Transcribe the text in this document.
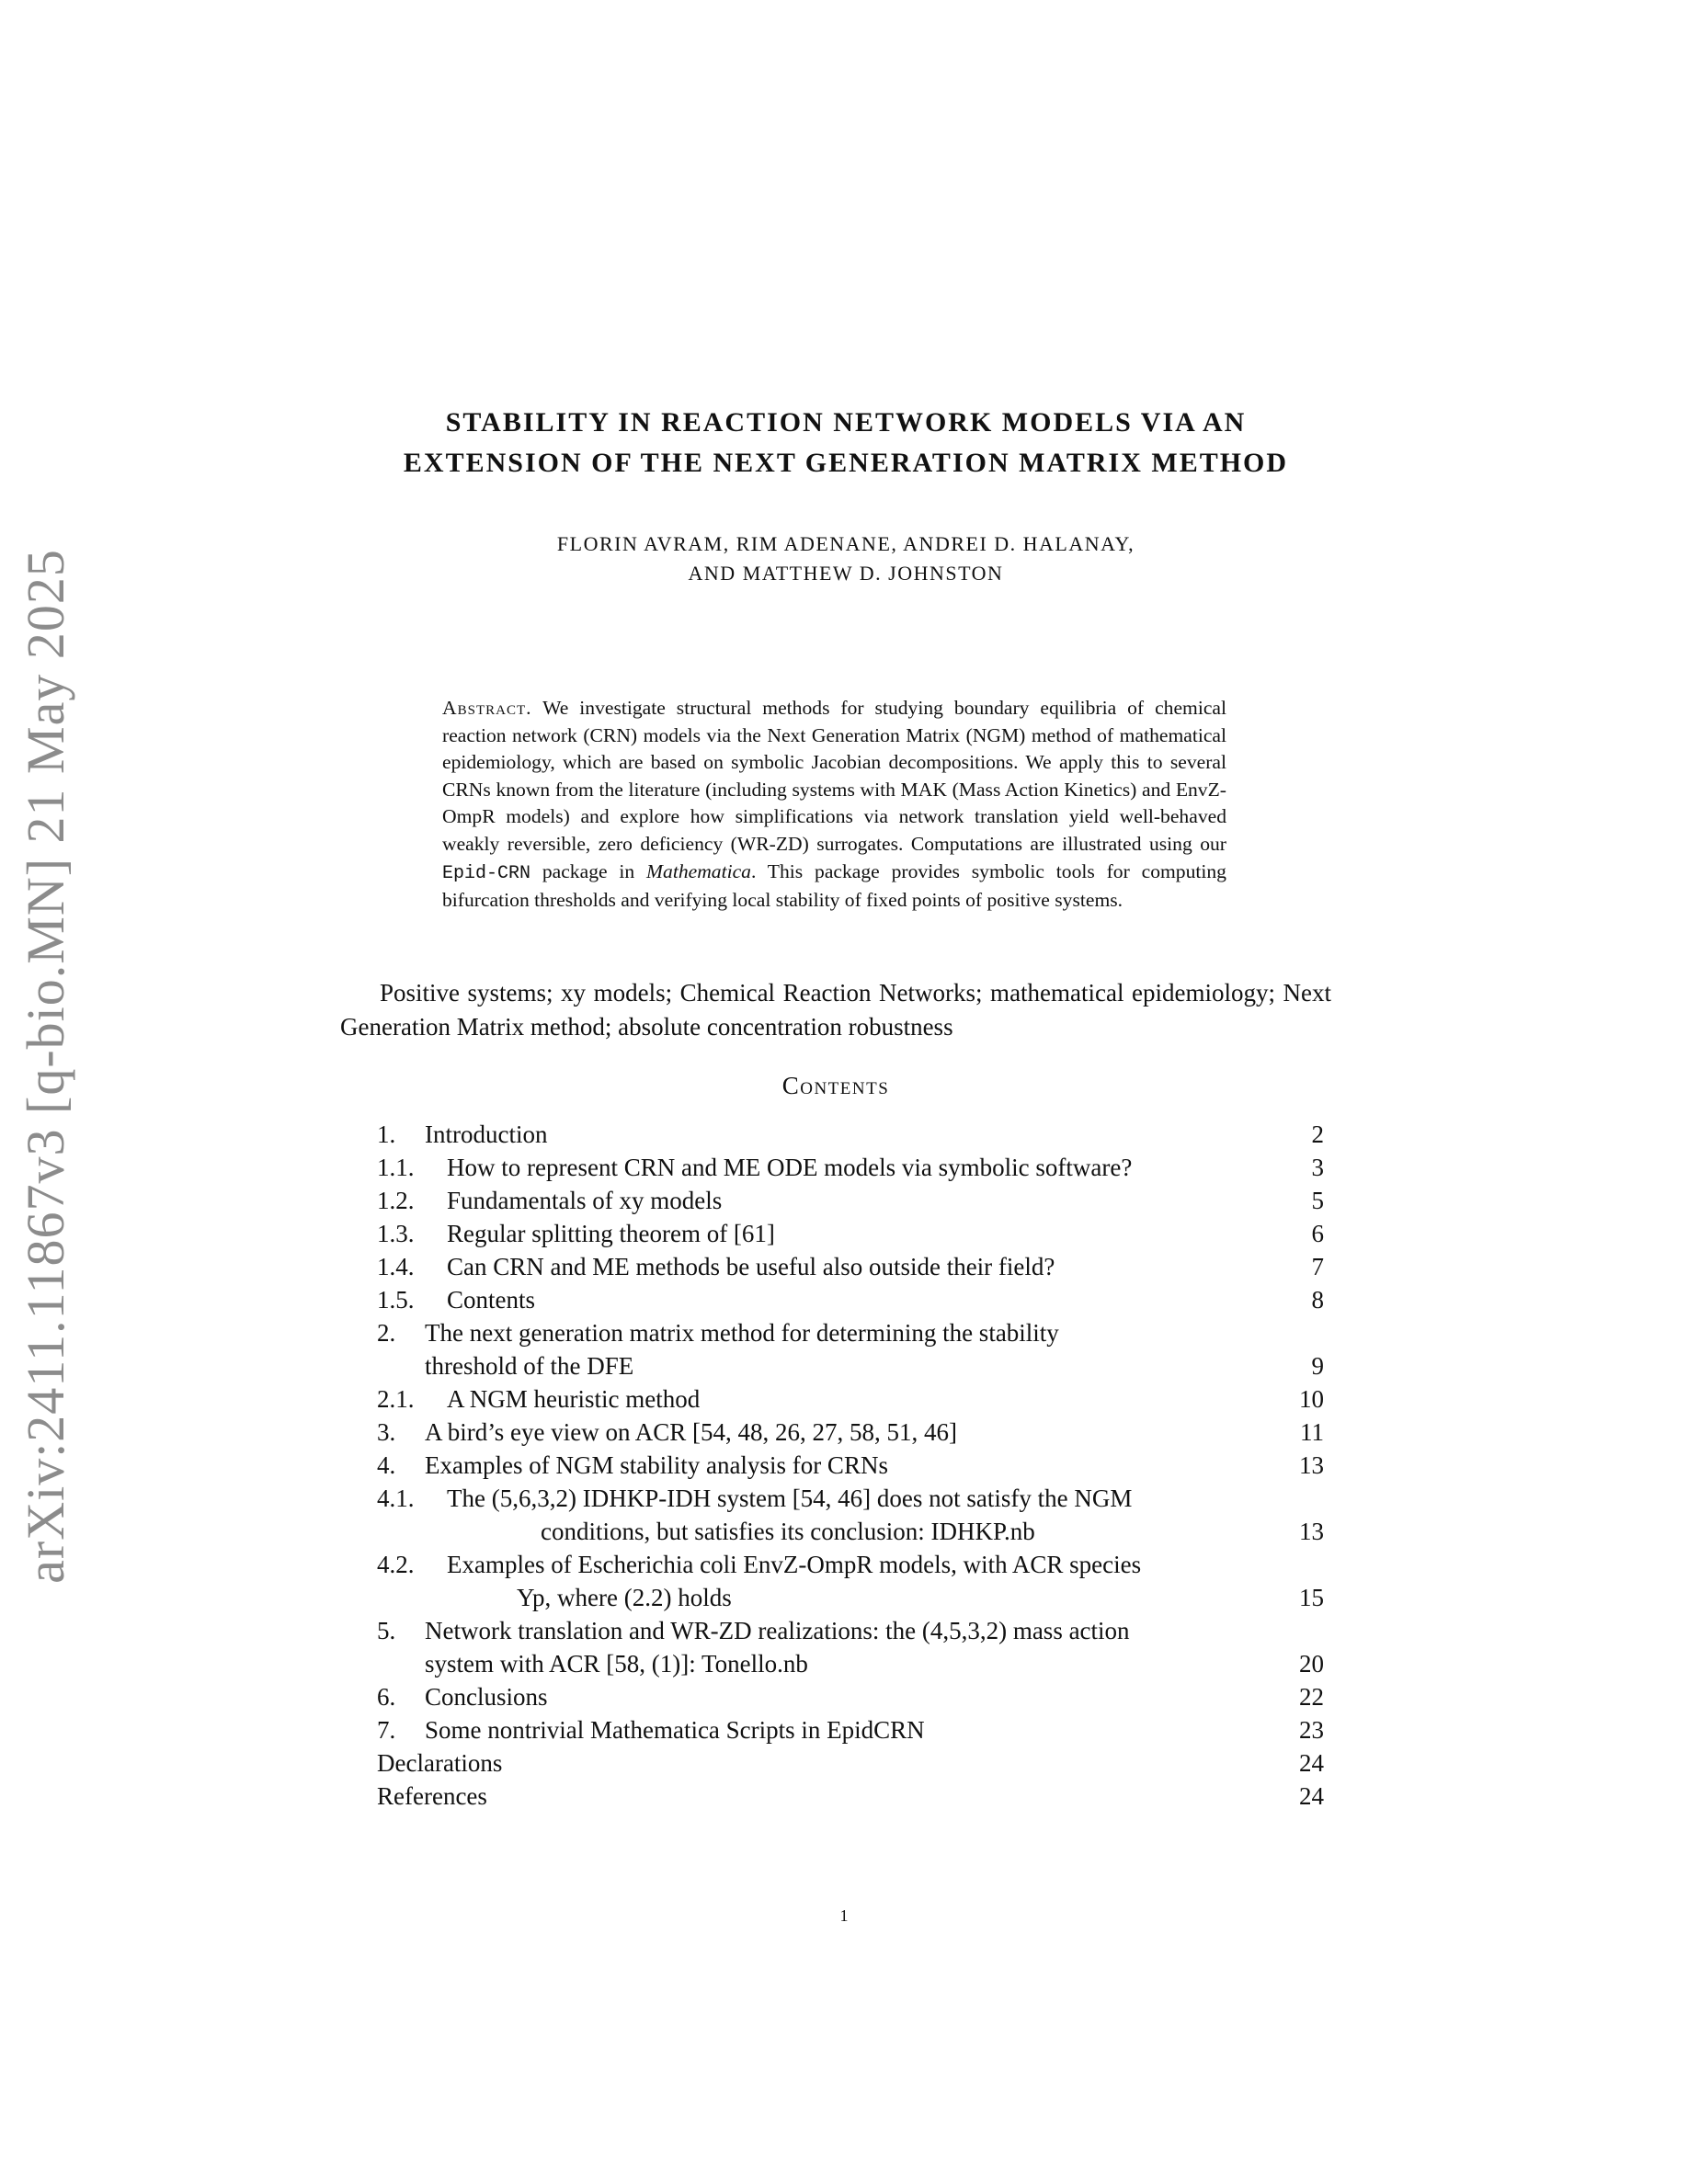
arXiv:2411.11867v3 [q-bio.MN] 21 May 2025
STABILITY IN REACTION NETWORK MODELS VIA AN
EXTENSION OF THE NEXT GENERATION MATRIX METHOD
FLORIN AVRAM, RIM ADENANE, ANDREI D. HALANAY,
AND MATTHEW D. JOHNSTON
Abstract. We investigate structural methods for studying boundary equilibria of chemical reaction network (CRN) models via the Next Generation Matrix (NGM) method of mathematical epidemiology, which are based on symbolic Jacobian decompositions. We apply this to several CRNs known from the literature (including systems with MAK (Mass Action Kinetics) and EnvZ-OmpR models) and explore how simplifications via network translation yield well-behaved weakly reversible, zero deficiency (WR-ZD) surrogates. Computations are illustrated using our Epid-CRN package in Mathematica. This package provides symbolic tools for computing bifurcation thresholds and verifying local stability of fixed points of positive systems.
Positive systems; xy models; Chemical Reaction Networks; mathematical epidemiology; Next Generation Matrix method; absolute concentration robustness
Contents
1. Introduction	2
1.1. How to represent CRN and ME ODE models via symbolic software?	3
1.2. Fundamentals of xy models	5
1.3. Regular splitting theorem of [61]	6
1.4. Can CRN and ME methods be useful also outside their field?	7
1.5. Contents	8
2. The next generation matrix method for determining the stability
threshold of the DFE	9
2.1. A NGM heuristic method	10
3. A bird’s eye view on ACR [54, 48, 26, 27, 58, 51, 46]	11
4. Examples of NGM stability analysis for CRNs	13
4.1. The (5,6,3,2) IDHKP-IDH system [54, 46] does not satisfy the NGM
conditions, but satisfies its conclusion: IDHKP.nb	13
4.2. Examples of Escherichia coli EnvZ-OmpR models, with ACR species
Yp, where (2.2) holds	15
5. Network translation and WR-ZD realizations: the (4,5,3,2) mass action
system with ACR [58, (1)]: Tonello.nb	20
6. Conclusions	22
7. Some nontrivial Mathematica Scripts in EpidCRN	23
Declarations	24
References	24
1
